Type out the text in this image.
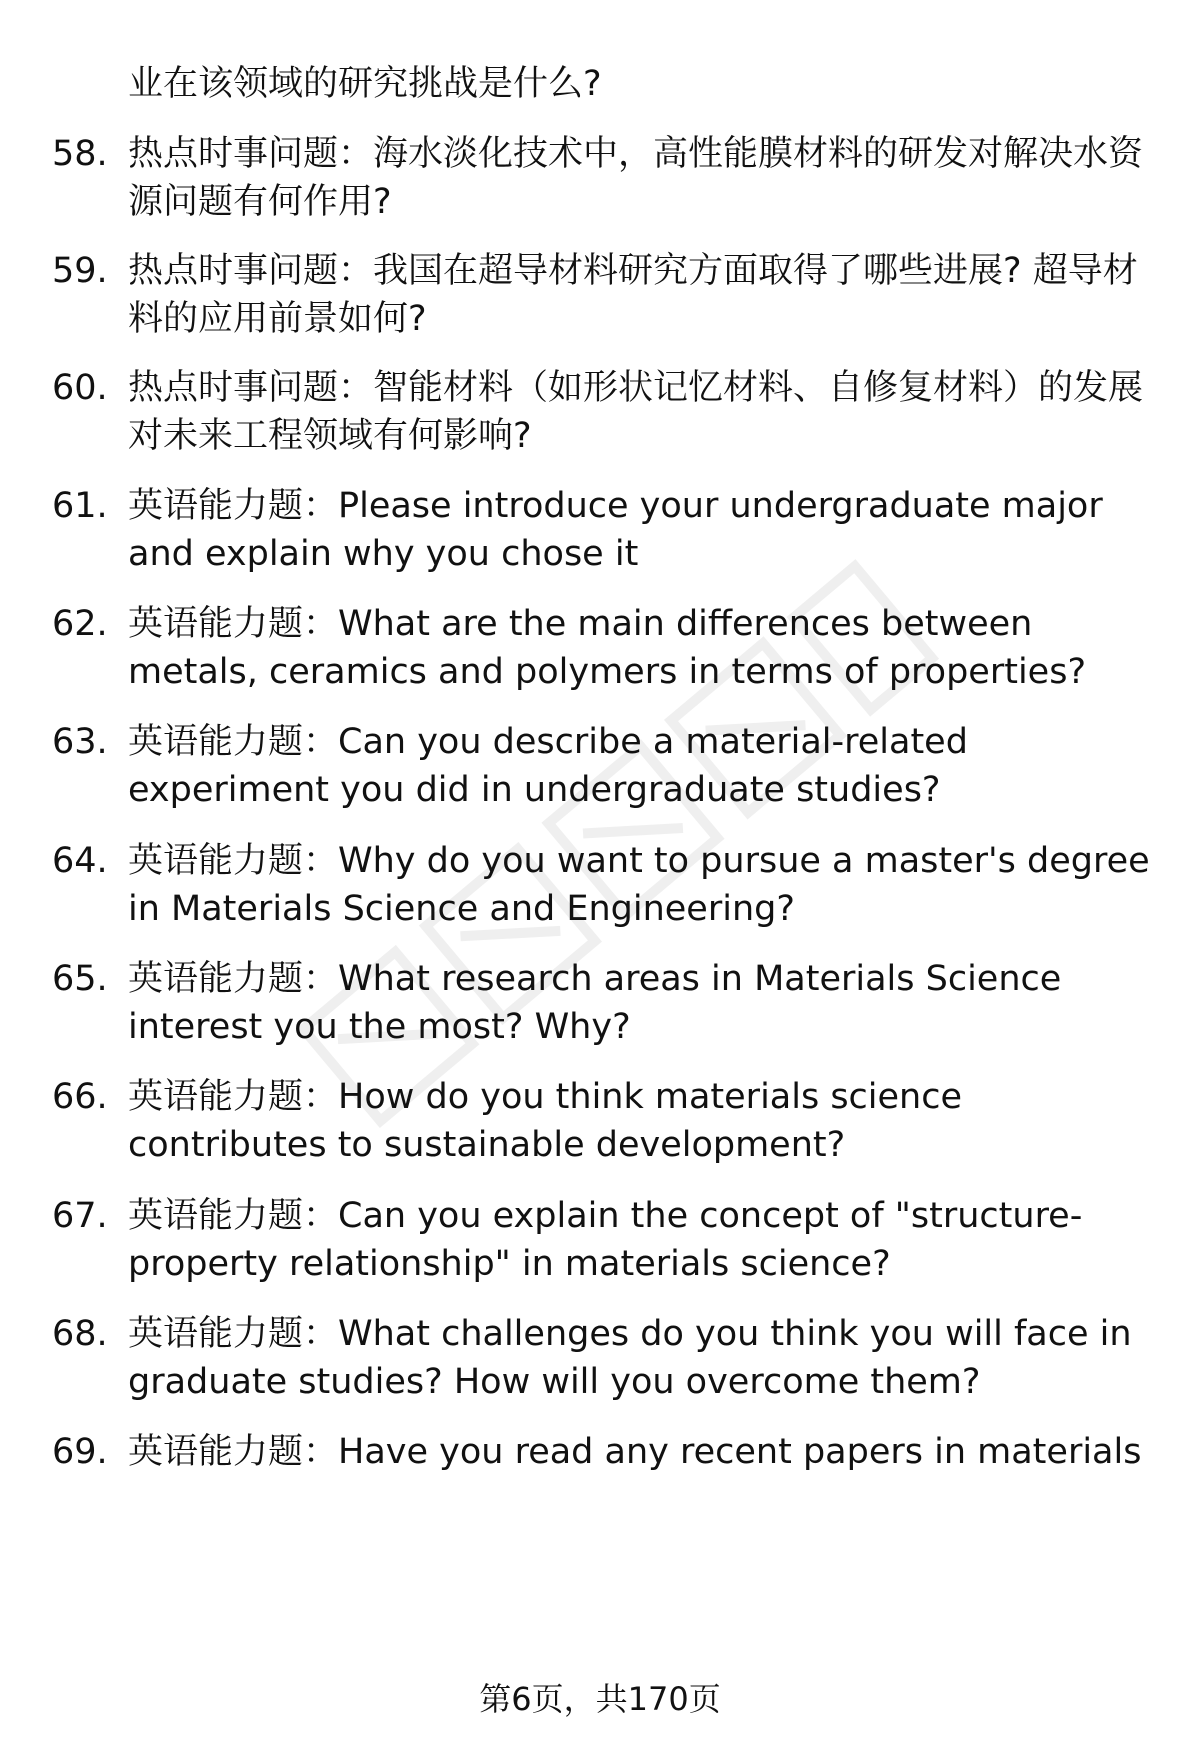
业在该领域的研究挑战是什么?
58. 热点时事问题：海水淡化技术中，高性能膜材料的研发对解决水资源问题有何作用?
59. 热点时事问题：我国在超导材料研究方面取得了哪些进展? 超导材料的应用前景如何?
60. 热点时事问题：智能材料（如形状记忆材料、自修复材料）的发展对未来工程领域有何影响?
61. 英语能力题：Please introduce your undergraduate major and explain why you chose it
62. 英语能力题：What are the main differences between metals, ceramics and polymers in terms of properties?
63. 英语能力题：Can you describe a material-related experiment you did in undergraduate studies?
64. 英语能力题：Why do you want to pursue a master's degree in Materials Science and Engineering?
65. 英语能力题：What research areas in Materials Science interest you the most? Why?
66. 英语能力题：How do you think materials science contributes to sustainable development?
67. 英语能力题：Can you explain the concept of "structure-property relationship" in materials science?
68. 英语能力题：What challenges do you think you will face in graduate studies? How will you overcome them?
69. 英语能力题：Have you read any recent papers in materials
第6页，共170页
